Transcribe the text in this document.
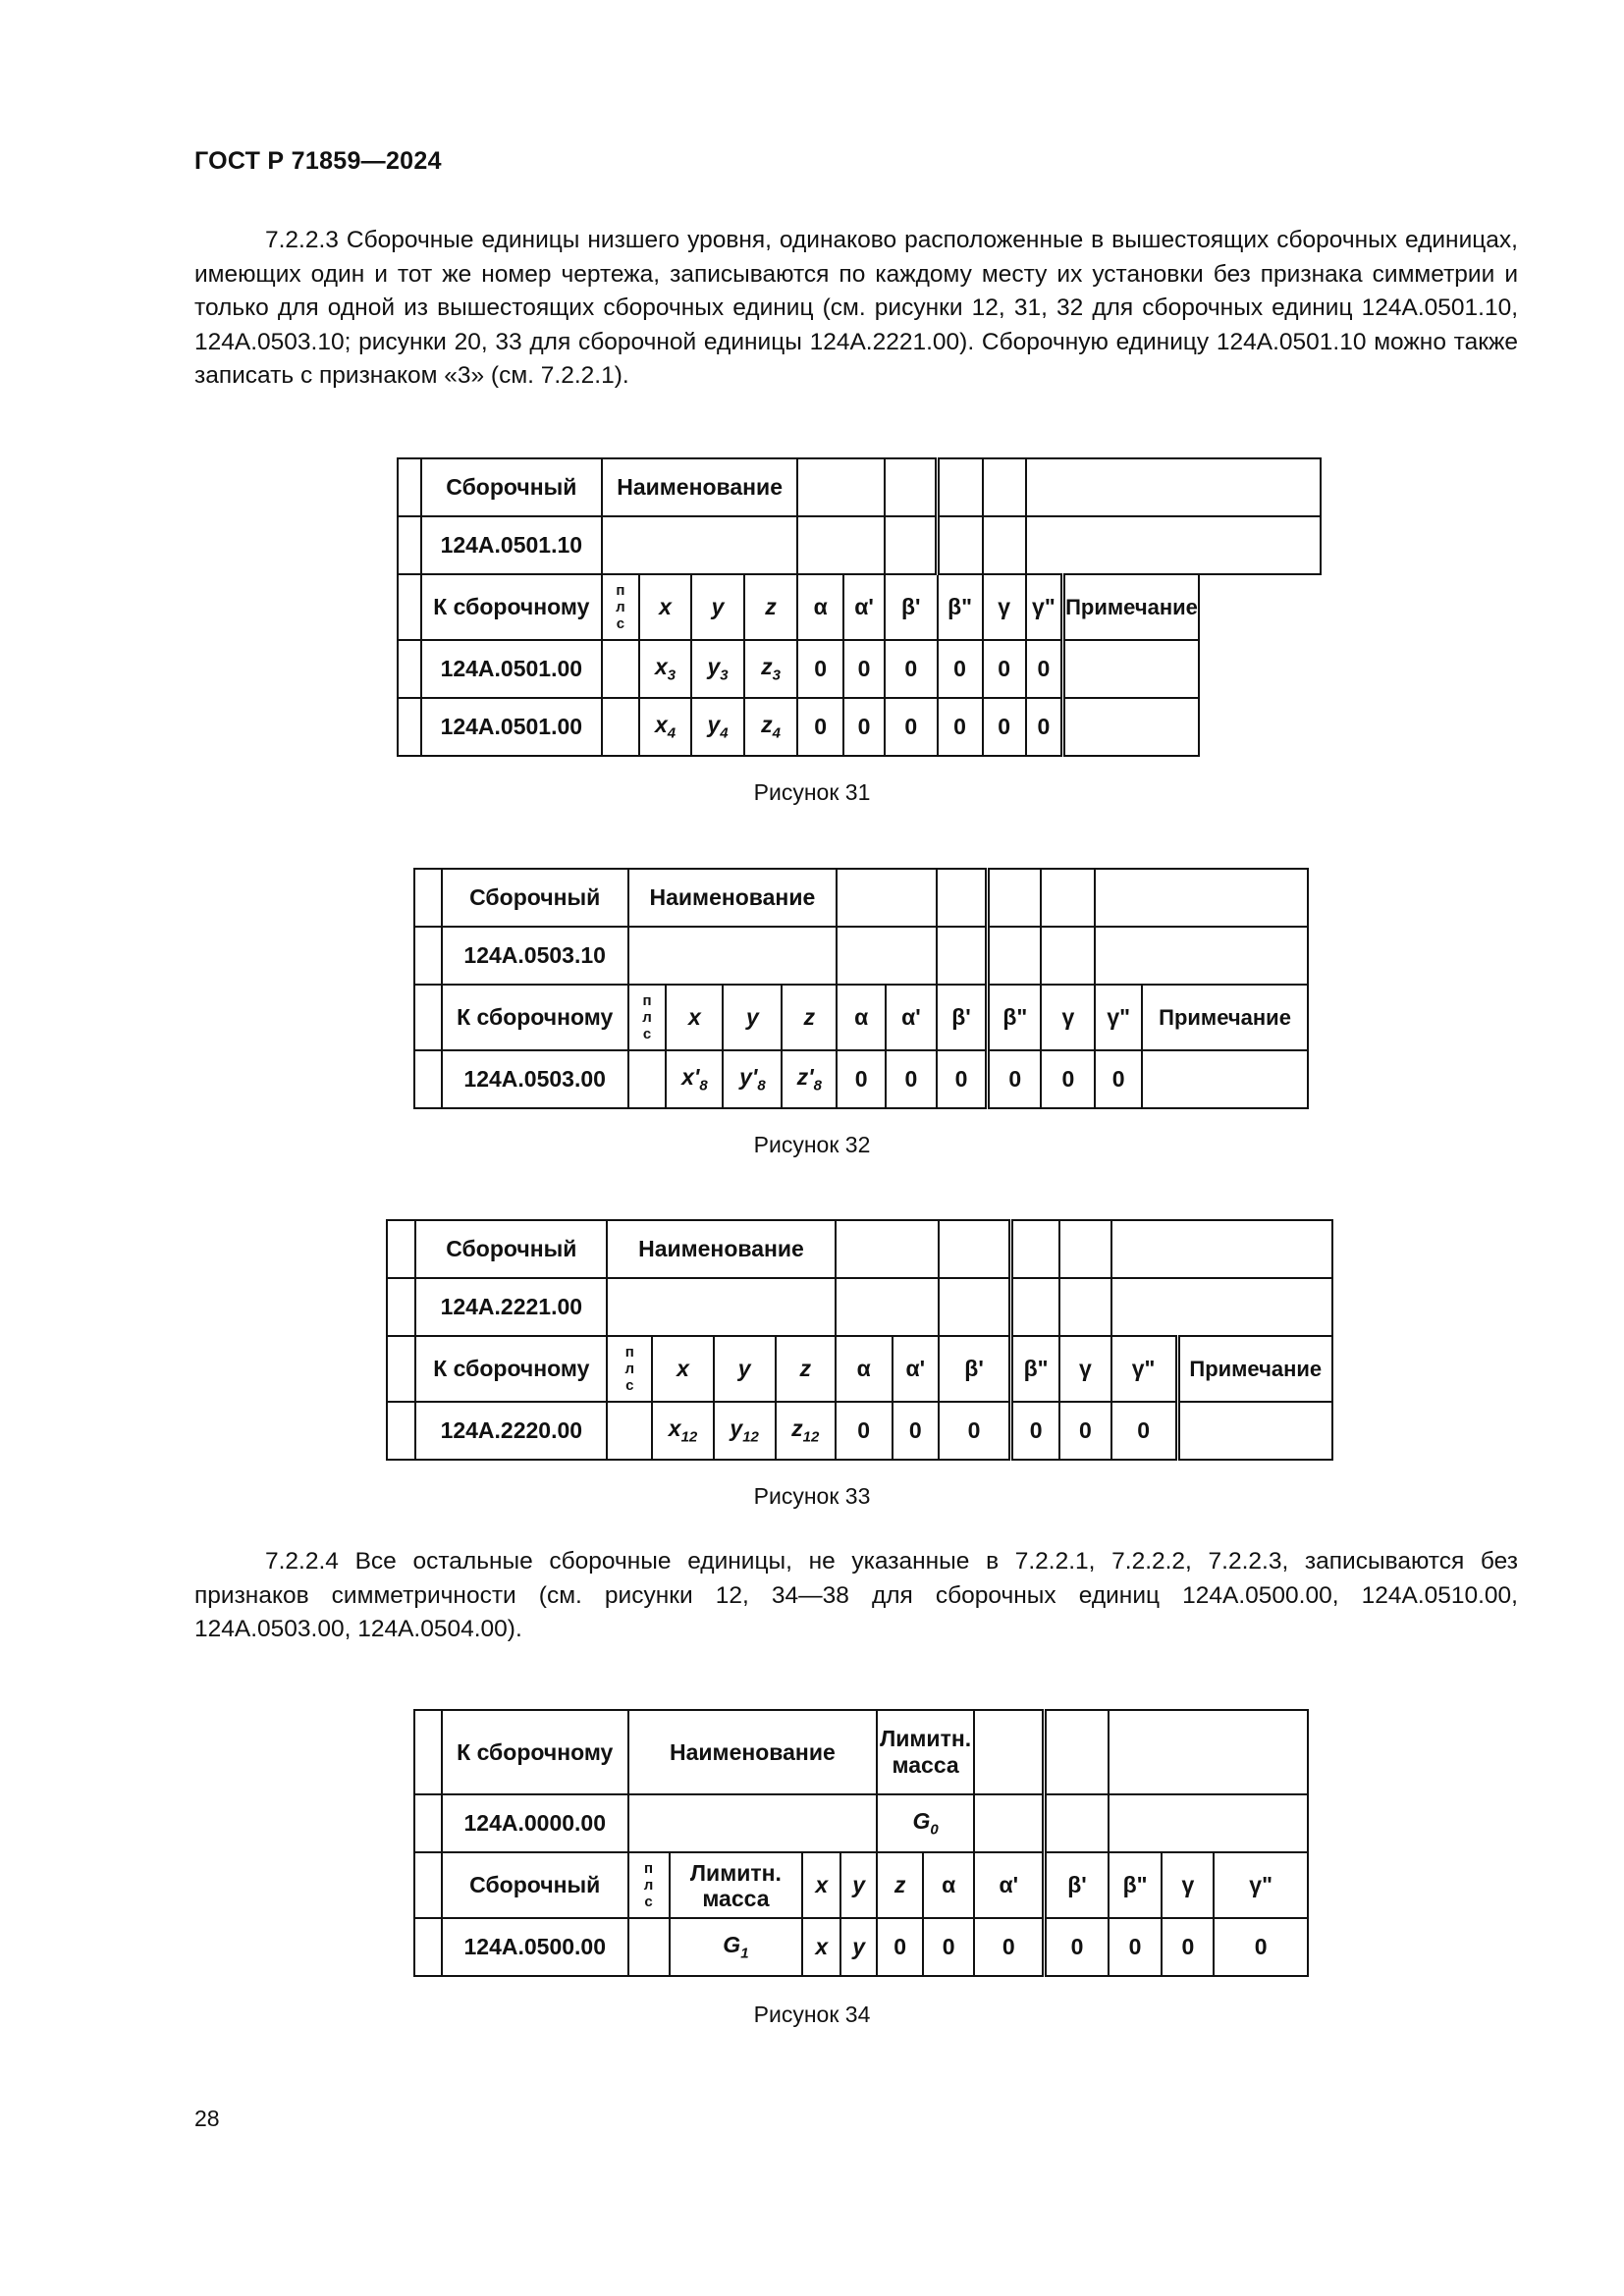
ГОСТ Р 71859—2024

7.2.2.3 Сборочные единицы низшего уровня, одинаково расположенные в вышестоящих сборочных единицах, имеющих один и тот же номер чертежа, записываются по каждому месту их установки без признака симметрии и только для одной из вышестоящих сборочных единиц (см. рисунки 12, 31, 32 для сборочных единиц 124А.0501.10, 124А.0503.10; рисунки 20, 33 для сборочной единицы 124А.2221.00). Сборочную единицу 124А.0501.10 можно также записать с признаком «3» (см. 7.2.2.1).

	Сборочный	Наименование										
	124А.0501.10											
	К сборочному	п
л
с	x	y	z	α	α'	β'	β"	γ	γ"	Примечание
	124А.0501.00		$x_3$	$y_3$	$z_3$	0	0	0	0	0	0	
	124А.0501.00		$x_4$	$y_4$	$z_4$	0	0	0	0	0	0	
Рисунок 31
	Сборочный	Наименование										
	124А.0503.10											
	К сборочному	п
л
с	x	y	z	α	α'	β'	β"	γ	γ"	Примечание
	124А.0503.00		$x'_8$	$y'_8$	$z'_8$	0	0	0	0	0	0	
Рисунок 32
	Сборочный	Наименование										
	124А.2221.00											
	К сборочному	п
л
с	x	y	z	α	α'	β'	β"	γ	γ"	Примечание
	124А.2220.00		$x_{12}$	$y_{12}$	$z_{12}$	0	0	0	0	0	0	
Рисунок 33

7.2.2.4 Все остальные сборочные единицы, не указанные в 7.2.2.1, 7.2.2.2, 7.2.2.3, записываются без признаков симметричности (см. рисунки 12, 34—38 для сборочных единиц 124А.0500.00, 124А.0510.00, 124А.0503.00, 124А.0504.00).

	К сборочному	Наименование				Лимитн.
масса						
	124А.0000.00					$G_0$			
	Сборочный	п
л
с	Лимитн.
масса	x	y	z	α	α'	β'	β"	γ	γ"
	124А.0500.00		$G_1$	x	y	0	0	0	0	0	0	0
Рисунок 34
28
